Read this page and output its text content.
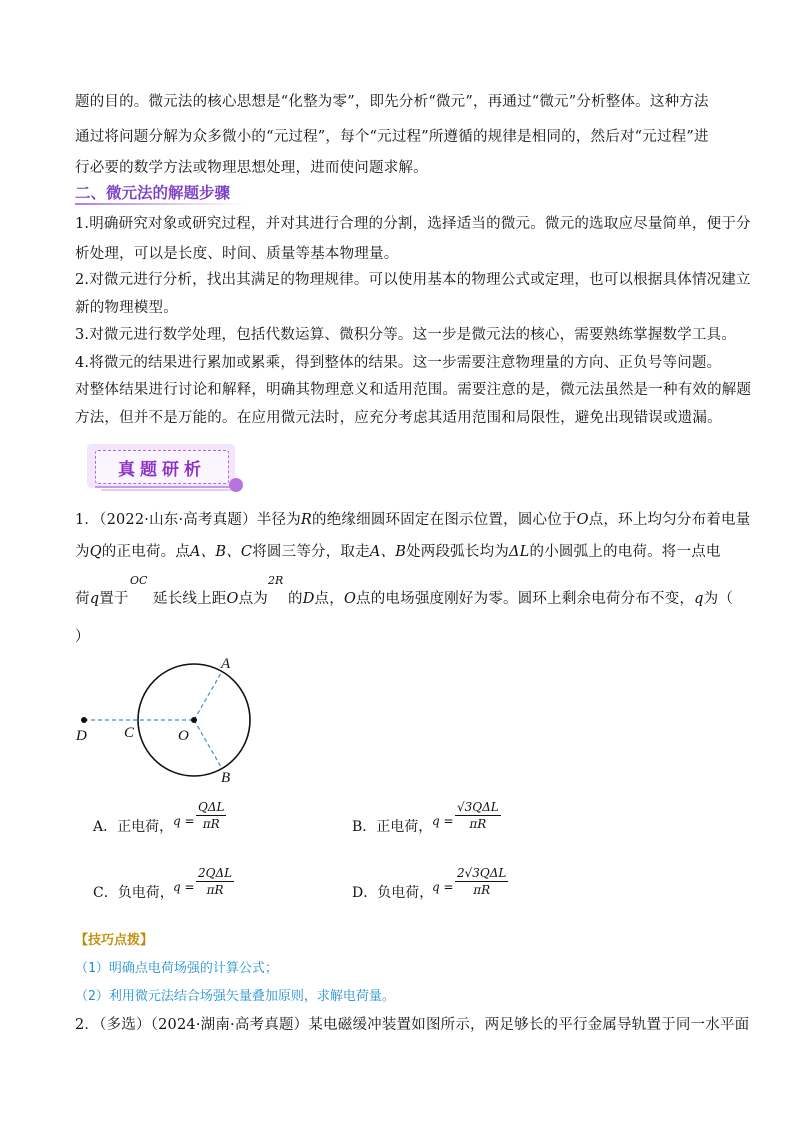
题的目的。微元法的核心思想是“化整为零”，即先分析“微元”，再通过“微元”分析整体。这种方法
通过将问题分解为众多微小的“元过程”，每个“元过程”所遵循的规律是相同的，然后对“元过程”进
行必要的数学方法或物理思想处理，进而使问题求解。
二、微元法的解题步骤
1.明确研究对象或研究过程，并对其进行合理的分割，选择适当的微元。微元的选取应尽量简单，便于分
析处理，可以是长度、时间、质量等基本物理量。
2.对微元进行分析，找出其满足的物理规律。可以使用基本的物理公式或定理，也可以根据具体情况建立
新的物理模型。
3.对微元进行数学处理，包括代数运算、微积分等。这一步是微元法的核心，需要熟练掌握数学工具。
4.将微元的结果进行累加或累乘，得到整体的结果。这一步需要注意物理量的方向、正负号等问题。
对整体结果进行讨论和解释，明确其物理意义和适用范围。需要注意的是，微元法虽然是一种有效的解题
方法，但并不是万能的。在应用微元法时，应充分考虑其适用范围和局限性，避免出现错误或遗漏。
真题研析
1．（2022·山东·高考真题）半径为R的绝缘细圆环固定在图示位置，圆心位于O点，环上均匀分布着电量
为Q的正电荷。点A、B、C将圆三等分，取走A、B处两段弧长均为ΔL的小圆弧上的电荷。将一点电
荷q置于
OC
延长线上距O点为
2R
的D点，O点的电场强度刚好为零。圆环上剩余电荷分布不变，q为（
）
A
B
C
D	O
A．正电荷， q =
QΔL
πR	B．正电荷， q =
√3QΔL
πR
C．负电荷， q =
2QΔL
πR	D．负电荷，
q =
2√3QΔL
πR
【技巧点拨】
（1）明确点电荷场强的计算公式；
（2）利用微元法结合场强矢量叠加原则，求解电荷量。
2．（多选）（2024·湖南·高考真题）某电磁缓冲装置如图所示，两足够长的平行金属导轨置于同一水平面
